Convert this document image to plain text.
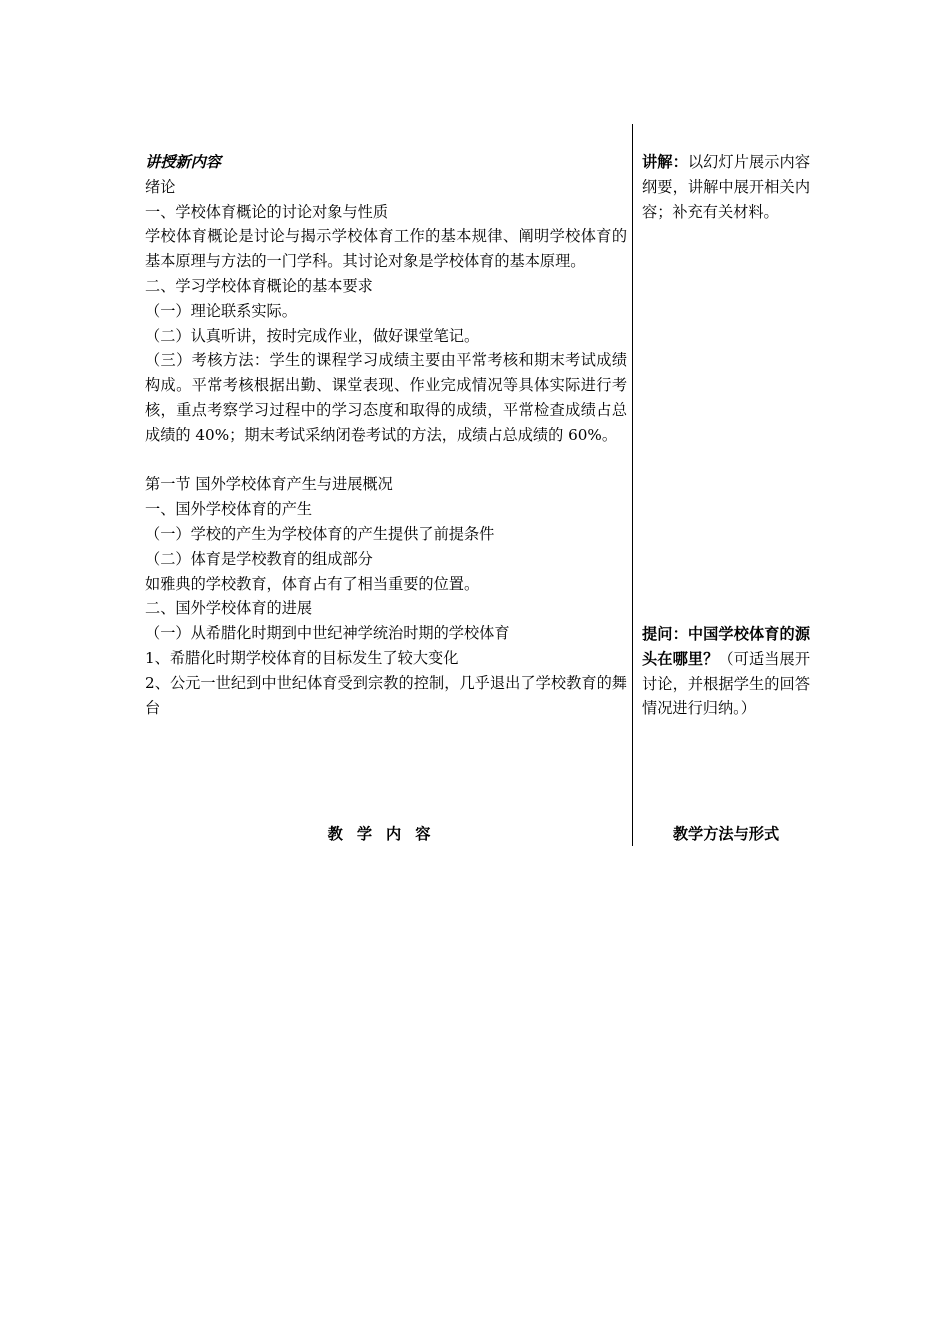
讲授新内容
绪论
一、学校体育概论的讨论对象与性质
学校体育概论是讨论与揭示学校体育工作的基本规律、阐明学校体育的基本原理与方法的一门学科。其讨论对象是学校体育的基本原理。
二、学习学校体育概论的基本要求
（一）理论联系实际。
（二）认真听讲，按时完成作业，做好课堂笔记。
（三）考核方法：学生的课程学习成绩主要由平常考核和期末考试成绩构成。平常考核根据出勤、课堂表现、作业完成情况等具体实际进行考核，重点考察学习过程中的学习态度和取得的成绩，平常检查成绩占总成绩的 40%；期末考试采纳闭卷考试的方法，成绩占总成绩的 60%。
第一节 国外学校体育产生与进展概况
一、国外学校体育的产生
（一）学校的产生为学校体育的产生提供了前提条件
（二）体育是学校教育的组成部分
如雅典的学校教育，体育占有了相当重要的位置。
二、国外学校体育的进展
（一）从希腊化时期到中世纪神学统治时期的学校体育
1、希腊化时期学校体育的目标发生了较大变化
2、公元一世纪到中世纪体育受到宗教的控制，几乎退出了学校教育的舞台
讲解：以幻灯片展示内容纲要，讲解中展开相关内容；补充有关材料。
提问：中国学校体育的源头在哪里？（可适当展开讨论，并根据学生的回答情况进行归纳。）
教学内容	教学方法与形式
